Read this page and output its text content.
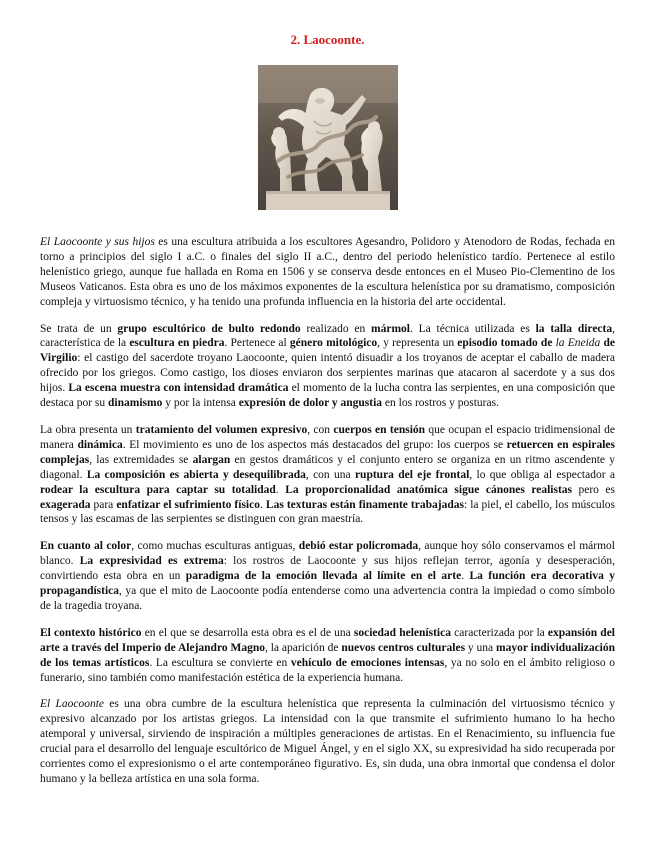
2. Laocoonte.

El Laocoonte y sus hijos es una escultura atribuida a los escultores Agesandro, Polidoro y Atenodoro de Rodas, fechada en torno a principios del siglo I a.C. o finales del siglo II a.C., dentro del periodo helenístico tardío. Pertenece al estilo helenístico griego, aunque fue hallada en Roma en 1506 y se conserva desde entonces en el Museo Pio-Clementino de los Museos Vaticanos. Esta obra es uno de los máximos exponentes de la escultura helenística por su dramatismo, composición compleja y virtuosismo técnico, y ha tenido una profunda influencia en la historia del arte occidental.

Se trata de un grupo escultórico de bulto redondo realizado en mármol. La técnica utilizada es la talla directa, característica de la escultura en piedra. Pertenece al género mitológico, y representa un episodio tomado de la Eneida de Virgilio: el castigo del sacerdote troyano Laocoonte, quien intentó disuadir a los troyanos de aceptar el caballo de madera ofrecido por los griegos. Como castigo, los dioses enviaron dos serpientes marinas que atacaron al sacerdote y a sus dos hijos. La escena muestra con intensidad dramática el momento de la lucha contra las serpientes, en una composición que destaca por su dinamismo y por la intensa expresión de dolor y angustia en los rostros y posturas.

La obra presenta un tratamiento del volumen expresivo, con cuerpos en tensión que ocupan el espacio tridimensional de manera dinámica. El movimiento es uno de los aspectos más destacados del grupo: los cuerpos se retuercen en espirales complejas, las extremidades se alargan en gestos dramáticos y el conjunto entero se organiza en un ritmo ascendente y diagonal. La composición es abierta y desequilibrada, con una ruptura del eje frontal, lo que obliga al espectador a rodear la escultura para captar su totalidad. La proporcionalidad anatómica sigue cánones realistas pero es exagerada para enfatizar el sufrimiento físico. Las texturas están finamente trabajadas: la piel, el cabello, los músculos tensos y las escamas de las serpientes se distinguen con gran maestría.

En cuanto al color, como muchas esculturas antiguas, debió estar policromada, aunque hoy sólo conservamos el mármol blanco. La expresividad es extrema: los rostros de Laocoonte y sus hijos reflejan terror, agonía y desesperación, convirtiendo esta obra en un paradigma de la emoción llevada al límite en el arte. La función era decorativa y propagandística, ya que el mito de Laocoonte podía entenderse como una advertencia contra la impiedad o como símbolo de la tragedia troyana.

El contexto histórico en el que se desarrolla esta obra es el de una sociedad helenística caracterizada por la expansión del arte a través del Imperio de Alejandro Magno, la aparición de nuevos centros culturales y una mayor individualización de los temas artísticos. La escultura se convierte en vehículo de emociones intensas, ya no solo en el ámbito religioso o funerario, sino también como manifestación estética de la experiencia humana.

El Laocoonte es una obra cumbre de la escultura helenística que representa la culminación del virtuosismo técnico y expresivo alcanzado por los artistas griegos. La intensidad con la que transmite el sufrimiento humano lo ha hecho atemporal y universal, sirviendo de inspiración a múltiples generaciones de artistas. En el Renacimiento, su influencia fue crucial para el desarrollo del lenguaje escultórico de Miguel Ángel, y en el siglo XX, su expresividad ha sido recuperada por corrientes como el expresionismo o el arte contemporáneo figurativo. Es, sin duda, una obra inmortal que condensa el dolor humano y la belleza artística en una sola forma.
